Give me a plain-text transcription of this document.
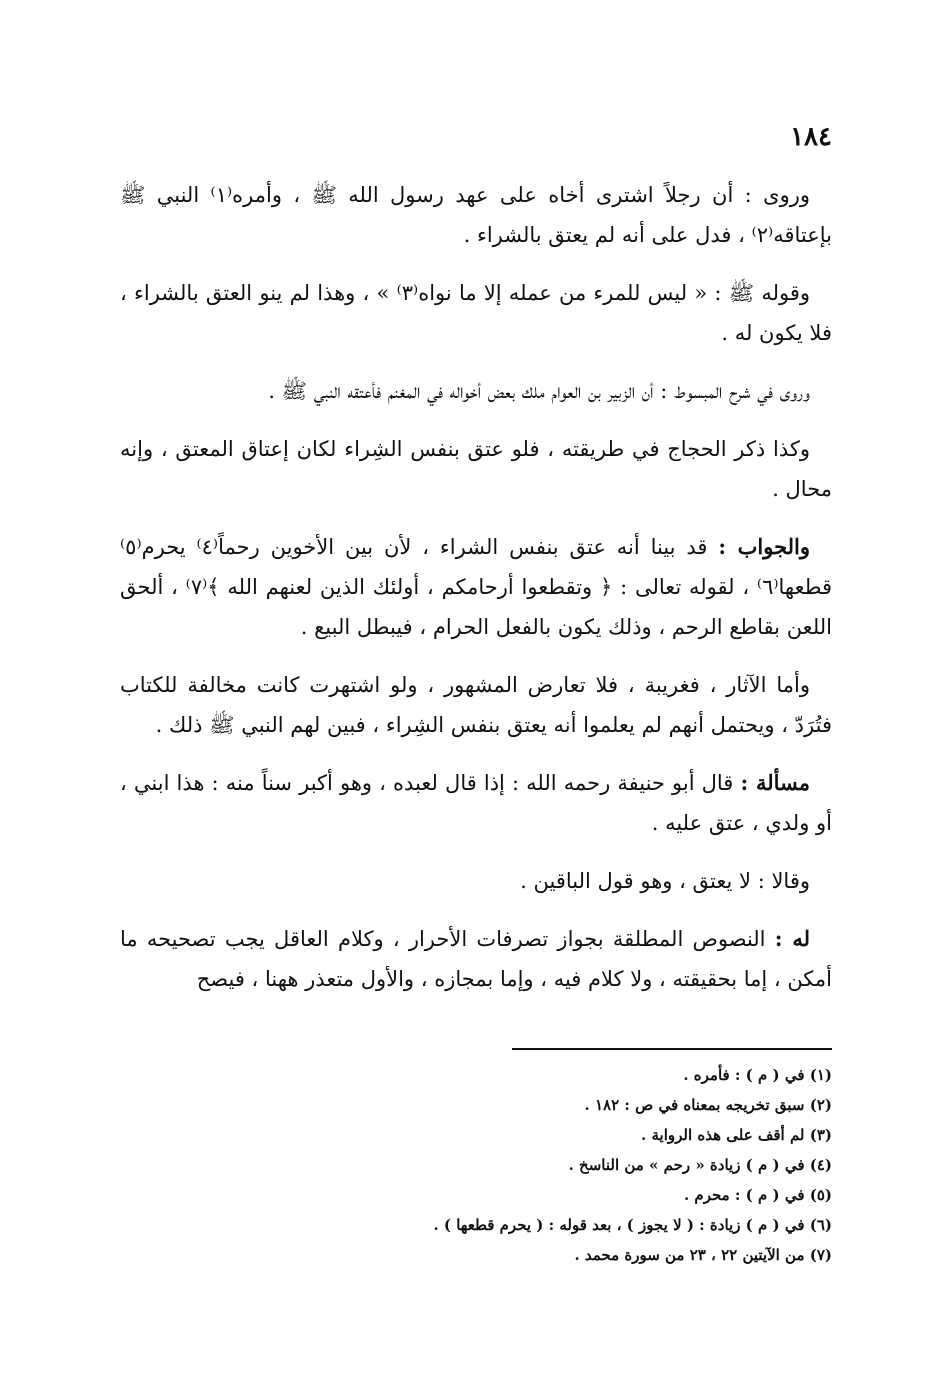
١٨٤

وروى : أن رجلاً اشترى أخاه على عهد رسول الله ﷺ ، وأمره⁽١⁾ النبي ﷺ بإعتاقه⁽٢⁾ ، فدل على أنه لم يعتق بالشراء .

وقوله ﷺ : « ليس للمرء من عمله إلا ما نواه⁽٣⁾ » ، وهذا لم ينو العتق بالشراء ، فلا يكون له .

وروى في شرح المبسوط : أن الزبير بن العوام ملك بعض أخواله في المغنم فأعتقه النبي ﷺ .

وكذا ذكر الحجاج في طريقته ، فلو عتق بنفس الشِراء لكان إعتاق المعتق ، وإنه محال .

والجواب : قد بينا أنه عتق بنفس الشراء ، لأن بين الأخوين رحماً⁽٤⁾ يحرم⁽٥⁾ قطعها⁽٦⁾ ، لقوله تعالى : ﴿ وتقطعوا أرحامكم ، أولئك الذين لعنهم الله ﴾⁽٧⁾ ، ألحق اللعن بقاطع الرحم ، وذلك يكون بالفعل الحرام ، فيبطل البيع .

وأما الآثار ، فغريبة ، فلا تعارض المشهور ، ولو اشتهرت كانت مخالفة للكتاب فتُرَدّ ، ويحتمل أنهم لم يعلموا أنه يعتق بنفس الشِراء ، فبين لهم النبي ﷺ ذلك .

مسألة : قال أبو حنيفة رحمه الله : إذا قال لعبده ، وهو أكبر سناً منه : هذا ابني ، أو ولدي ، عتق عليه .

وقالا : لا يعتق ، وهو قول الباقين .

له : النصوص المطلقة بجواز تصرفات الأحرار ، وكلام العاقل يجب تصحيحه ما أمكن ، إما بحقيقته ، ولا كلام فيه ، وإما بمجازه ، والأول متعذر ههنا ، فيصح

(١) في ( م ) : فأمره .
(٢) سبق تخريجه بمعناه في ص : ١٨٢ .
(٣) لم أقف على هذه الرواية .
(٤) في ( م ) زيادة « رحم » من الناسخ .
(٥) في ( م ) : محرم .
(٦) في ( م ) زيادة : ( لا يجوز ) ، بعد قوله : ( يحرم قطعها ) .
(٧) من الآيتين ٢٢ ، ٢٣ من سورة محمد .
